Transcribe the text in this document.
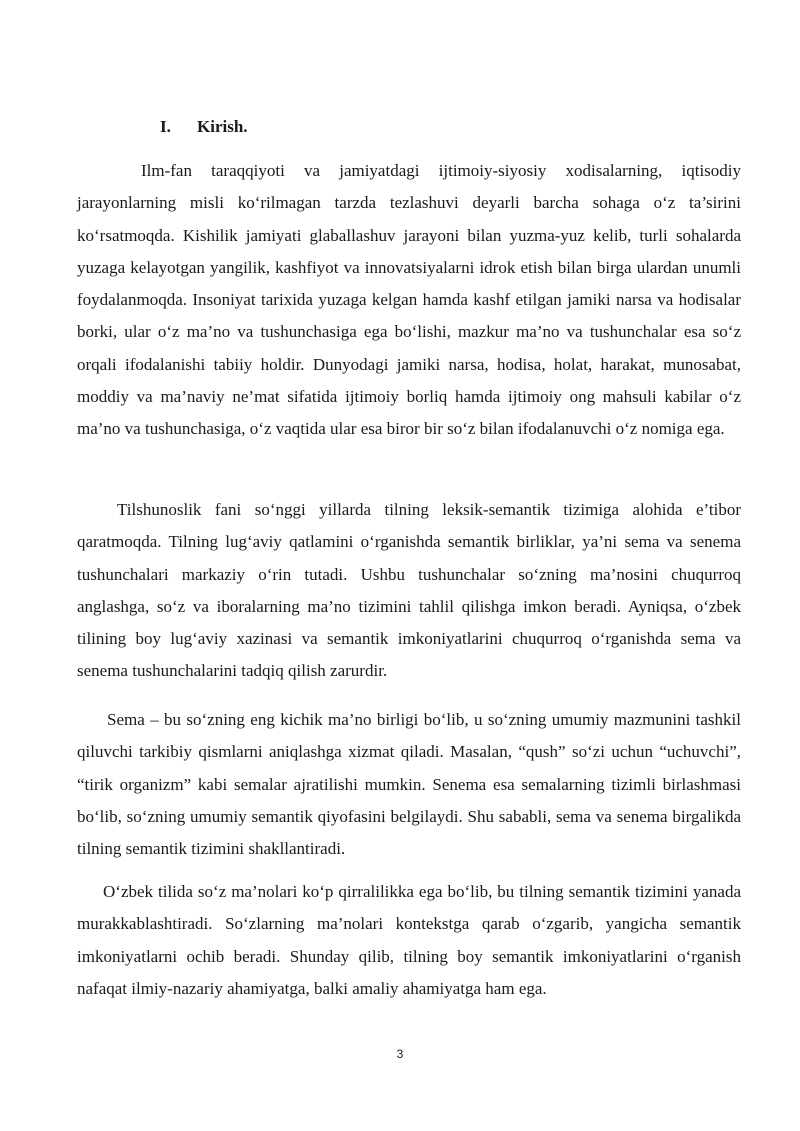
I. Kirish.

Ilm-fan taraqqiyoti va jamiyatdagi ijtimoiy-siyosiy xodisalarning, iqtisodiy jarayonlarning misli ko‘rilmagan tarzda tezlashuvi deyarli barcha sohaga o‘z ta’sirini ko‘rsatmoqda. Kishilik jamiyati glaballashuv jarayoni bilan yuzma-yuz kelib, turli sohalarda yuzaga kelayotgan yangilik, kashfiyot va innovatsiyalarni idrok etish bilan birga ulardan unumli foydalanmoqda. Insoniyat tarixida yuzaga kelgan hamda kashf etilgan jamiki narsa va hodisalar borki, ular o‘z ma’no va tushunchasiga ega bo‘lishi, mazkur ma’no va tushunchalar esa so‘z orqali ifodalanishi tabiiy holdir. Dunyodagi jamiki narsa, hodisa, holat, harakat, munosabat, moddiy va ma’naviy ne’mat sifatida ijtimoiy borliq hamda ijtimoiy ong mahsuli kabilar o‘z ma’no va tushunchasiga, o‘z vaqtida ular esa biror bir so‘z bilan ifodalanuvchi o‘z nomiga ega.

Tilshunoslik fani so‘nggi yillarda tilning leksik-semantik tizimiga alohida e’tibor qaratmoqda. Tilning lug‘aviy qatlamini o‘rganishda semantik birliklar, ya’ni sema va senema tushunchalari markaziy o‘rin tutadi. Ushbu tushunchalar so‘zning ma’nosini chuqurroq anglashga, so‘z va iboralarning ma’no tizimini tahlil qilishga imkon beradi. Ayniqsa, o‘zbek tilining boy lug‘aviy xazinasi va semantik imkoniyatlarini chuqurroq o‘rganishda sema va senema tushunchalarini tadqiq qilish zarurdir.

Sema – bu so‘zning eng kichik ma’no birligi bo‘lib, u so‘zning umumiy mazmunini tashkil qiluvchi tarkibiy qismlarni aniqlashga xizmat qiladi. Masalan, “qush” so‘zi uchun “uchuvchi”, “tirik organizm” kabi semalar ajratilishi mumkin. Senema esa semalarning tizimli birlashmasi bo‘lib, so‘zning umumiy semantik qiyofasini belgilaydi. Shu sababli, sema va senema birgalikda tilning semantik tizimini shakllantiradi.

O‘zbek tilida so‘z ma’nolari ko‘p qirralilikka ega bo‘lib, bu tilning semantik tizimini yanada murakkablashtiradi. So‘zlarning ma’nolari kontekstga qarab o‘zgarib, yangicha semantik imkoniyatlarni ochib beradi. Shunday qilib, tilning boy semantik imkoniyatlarini o‘rganish nafaqat ilmiy-nazariy ahamiyatga, balki amaliy ahamiyatga ham ega.

3
